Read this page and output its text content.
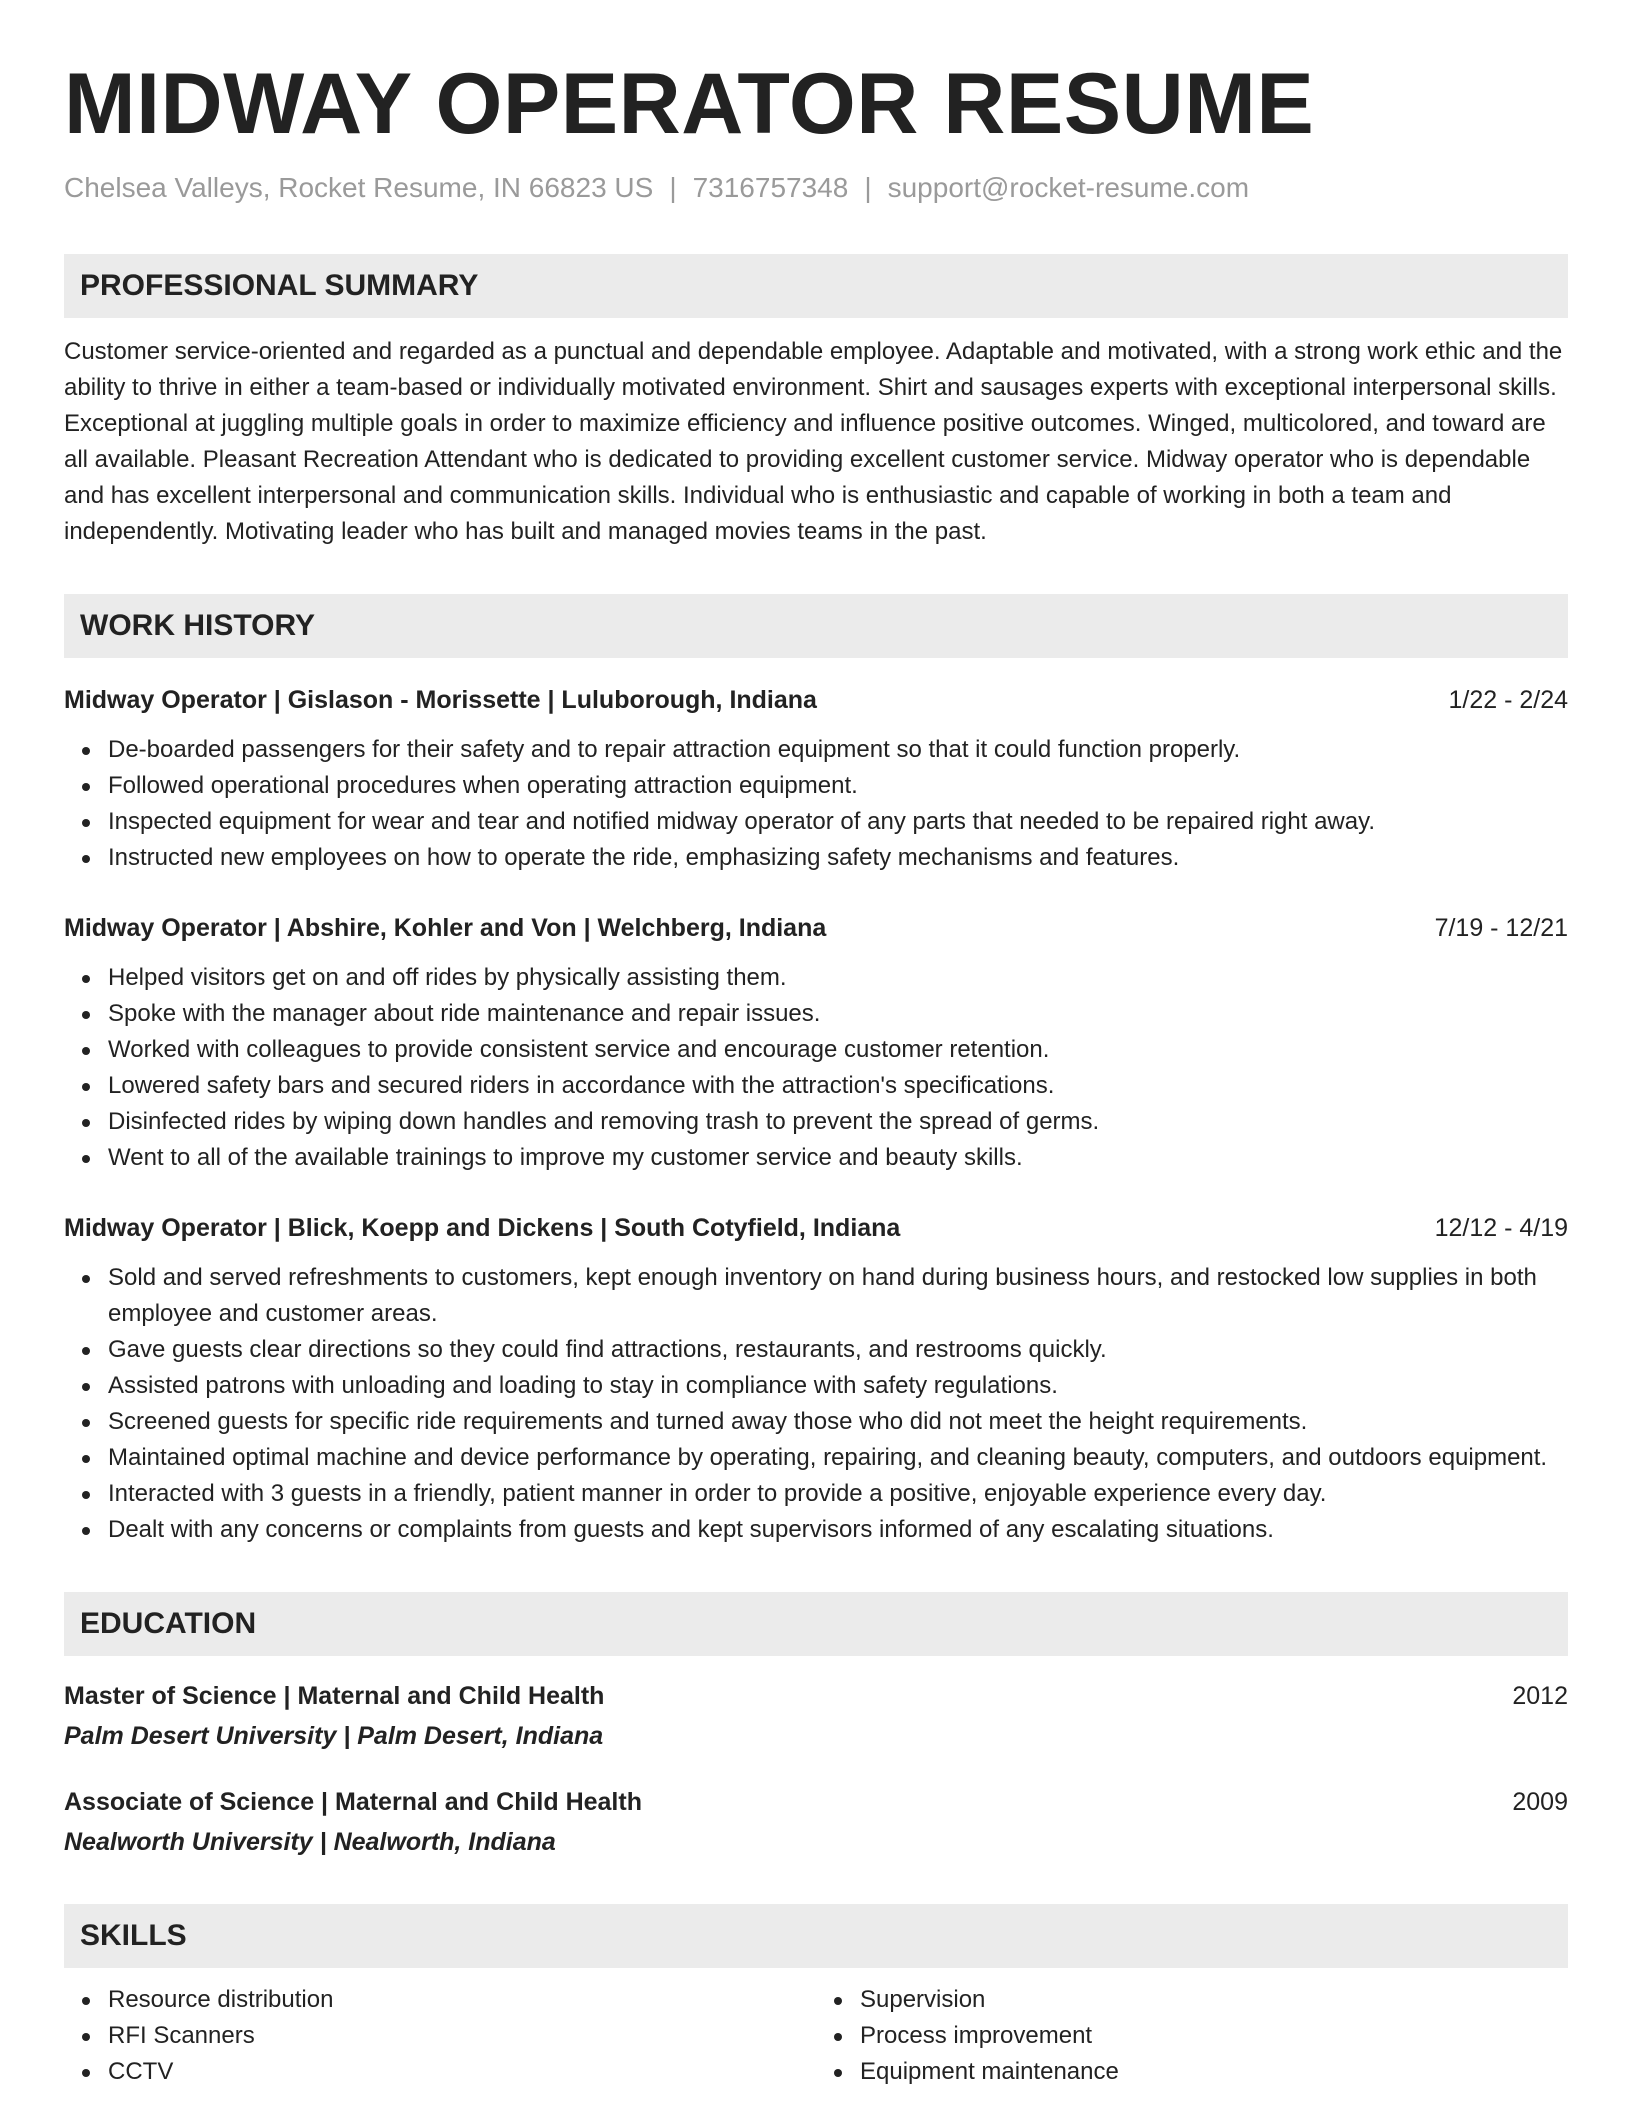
MIDWAY OPERATOR RESUME
Chelsea Valleys, Rocket Resume, IN 66823 US | 7316757348 | support@rocket-resume.com
PROFESSIONAL SUMMARY
Customer service-oriented and regarded as a punctual and dependable employee. Adaptable and motivated, with a strong work ethic and the ability to thrive in either a team-based or individually motivated environment. Shirt and sausages experts with exceptional interpersonal skills. Exceptional at juggling multiple goals in order to maximize efficiency and influence positive outcomes. Winged, multicolored, and toward are all available. Pleasant Recreation Attendant who is dedicated to providing excellent customer service. Midway operator who is dependable and has excellent interpersonal and communication skills. Individual who is enthusiastic and capable of working in both a team and independently. Motivating leader who has built and managed movies teams in the past.
WORK HISTORY
Midway Operator | Gislason - Morissette | Luluborough, Indiana	1/22 - 2/24
De-boarded passengers for their safety and to repair attraction equipment so that it could function properly.
Followed operational procedures when operating attraction equipment.
Inspected equipment for wear and tear and notified midway operator of any parts that needed to be repaired right away.
Instructed new employees on how to operate the ride, emphasizing safety mechanisms and features.
Midway Operator | Abshire, Kohler and Von | Welchberg, Indiana	7/19 - 12/21
Helped visitors get on and off rides by physically assisting them.
Spoke with the manager about ride maintenance and repair issues.
Worked with colleagues to provide consistent service and encourage customer retention.
Lowered safety bars and secured riders in accordance with the attraction's specifications.
Disinfected rides by wiping down handles and removing trash to prevent the spread of germs.
Went to all of the available trainings to improve my customer service and beauty skills.
Midway Operator | Blick, Koepp and Dickens | South Cotyfield, Indiana	12/12 - 4/19
Sold and served refreshments to customers, kept enough inventory on hand during business hours, and restocked low supplies in both employee and customer areas.
Gave guests clear directions so they could find attractions, restaurants, and restrooms quickly.
Assisted patrons with unloading and loading to stay in compliance with safety regulations.
Screened guests for specific ride requirements and turned away those who did not meet the height requirements.
Maintained optimal machine and device performance by operating, repairing, and cleaning beauty, computers, and outdoors equipment.
Interacted with 3 guests in a friendly, patient manner in order to provide a positive, enjoyable experience every day.
Dealt with any concerns or complaints from guests and kept supervisors informed of any escalating situations.
EDUCATION
Master of Science | Maternal and Child Health	2012
Palm Desert University | Palm Desert, Indiana
Associate of Science | Maternal and Child Health	2009
Nealworth University | Nealworth, Indiana
SKILLS
Resource distribution
RFI Scanners
CCTV
Supervision
Process improvement
Equipment maintenance
